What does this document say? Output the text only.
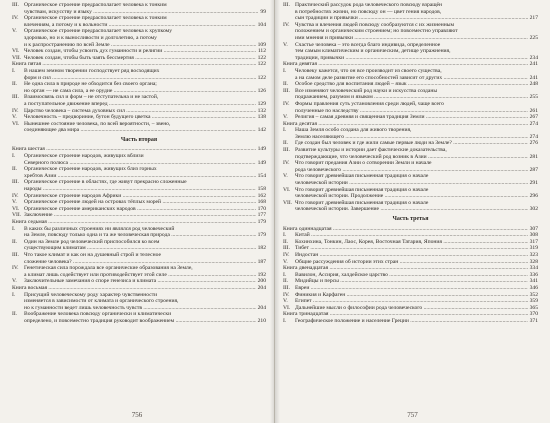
III. Органическое строение предрасполагает человека к тонким
чувствам, искусству и языку .....	99
IV. Органическое строение предрасполагает человека к тонким
влечениям, а потому и к вольности .....	104
V.	Органическое строение предрасполагает человека к хрупкому
здоровью, но и к выносливости и долголетию, а потому
и к распространению по всей Земле .....	109
VI. Человек создан, чтобы усвоить дух гуманности и религии .....	112
VII. Человек создан, чтобы быть чаять бессмертия .....	122
Книга пятая .....	122
I.	В нашем земном творении господствует ряд восходящих
форм и сил .....	122
II.	Не одна сила в природе не обходится без своего органа;
но орган — не сама сила, а ее орудие .....	126
III. Взаимосвязь сил и форм – не отступательна и не застой,
а поступательное движение вперед .....	129
IV. Царство человека – система духовных сил .....	132
V.	Человечность – предвориние, бутон будущего цветка .....	138
VI. Нынешнее состояние человека, по всей вероятности, – звено,
соединяющее два мира .....	142
Часть вторая
Книга шестая .....	149
I.	Органическое строение народов, живущих вблизи
Северного полюса .....	149
II.	Органическое строение народов, живущих близ горных
хребтов Азии .....	154
III. Органическое строение в областях, где живут прекрасно сложенные
народы .....	158
IV. Органическое строение народов Африки .....	162
V.	Органическое строение людей на островах тёплых морей .....	168
VI. Органическое строение американских народов .....	170
VII. Заключение .....	177
Книга седьмая .....	179
I.	В каких бы различных строениях ни являлся род человеческий
на Земле, повсюду только одна и та же человеческая природа .....	179
II.	Один на Земле род человеческий приспособился ко всем
существующим климатам .....	182
III. Что такое климат и как он на душевный строй и телесное
сложение человека? .....	187
IV. Генетическая сила порождала все органические образования на Земле,
а климат лишь содействует или противодействует этой силе .....	192
V.	Заключительные замечания о споре генезиса и климата .....	200
Книга восьмая .....	204
I.	Присущий человеческому роду характер чувственности
изменяется в зависимости от климата и органического строения,
но к гуманности ведет лишь человечность чувств .....	204
II.	Воображение человека повсюду органически и климатически
определено, и повсеместно традиция руководит воображением .....	210
756
III. Практический рассудок рода человеческого повсюду взращён
в потребностях жизни, но повсюду он — цвет гения народов,
сын традиции и привычки .....	217
IV. Чувства и влечения людей повсюду сообразуются с их жизненным
положением и органическим строением; но повсеместно управляют
ими мнения и привычки .....	225
V.	Счастье человека – это всегда благо индивида, определенное
тем самым климатическим и органическим, детище упражнения,
традиции, привычки .....	234
Книга девятая .....	241
I.	Человеку кажется, что он все производит из своего существа,
а на самом деле развитие его способностей зависит от других .....	241
II.	Особое средство для воспитания людей – язык .....	248
III. Все изменяют человеческий род науки и искусства созданы
подражанием, разумом и языком .....	255
IV. Формы правления суть установления среди людей, чаще всего
полученные по наследству .....	261
V.	Религия – самая древняя и священная традиция Земли .....	267
Книга десятая .....	274
I.	Наша Земля особо создана для живого творения,
Землю населяющего .....	274
II.	Где создан был человек и где жили самые первые люди на Земле? .....	276
III. Развитие культуры и истории дает фактические доказательства,
подтверждающие, что человеческий род возник в Азии .....	281
IV. Что говорит предания Азии о сотворении Земли и начале
рода человеческого .....	287
V.	Что говорит древнейшая письменная традиция о начале
человеческой истории .....	291
VI. Что говорит древнейшая письменная традиция о начале
человеческой истории. Продолжение .....	296
VII. Что говорит древнейшая письменная традиция о начале
человеческой истории. Завершение .....	302
Часть третья
Книга одиннадцатая .....	307
I.	Китай .....	308
II.	Кохинхина, Тонкин, Лаос, Корея, Восточная Татария, Япония .....	317
III. Тибет .....	319
IV. Индостан .....	323
V.	Общие рассуждения об истории этих стран .....	328
Книга двенадцатая .....	334
I.	Вавилон, Ассирия, халдейское царство .....	336
II.	Мидийцы и персы .....	341
III. Евреи .....	346
IV. Финикия и Карфаген .....	352
V.	Египет .....	359
VI. Дальнейшие мысли о философии рода человеческого .....	365
Книга тринадцатая .....	370
I.	Географическое положение и население Греции .....	371
757
